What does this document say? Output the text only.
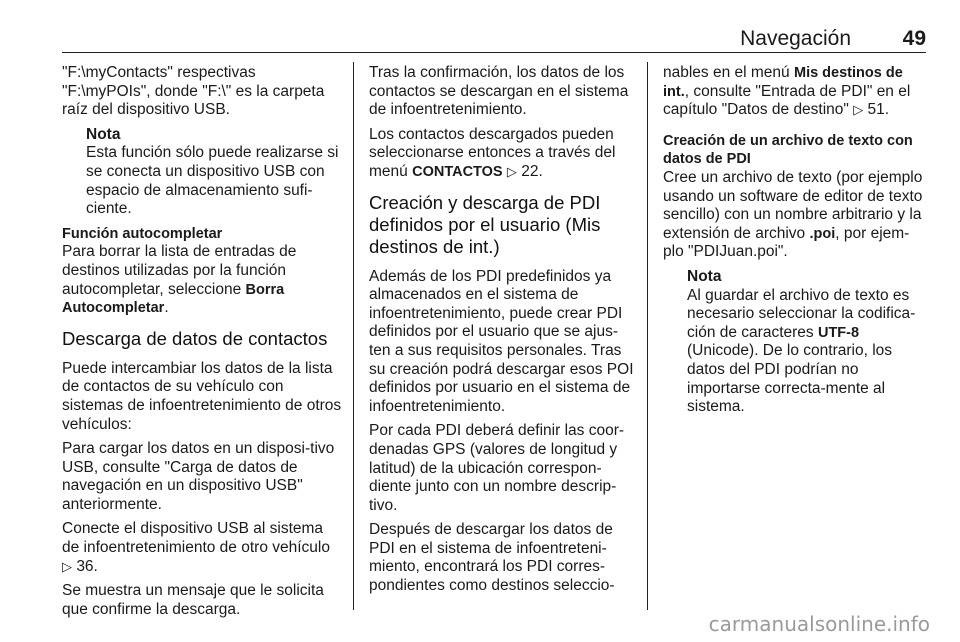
Navegación 49

"F:\myContacts" respectivas "F:\myPOIs", donde "F:\" es la carpeta raíz del dispositivo USB.

Nota
Esta función sólo puede realizarse si se conecta un dispositivo USB con espacio de almacenamiento sufi-ciente.
Función autocompletar

Para borrar la lista de entradas de destinos utilizadas por la función autocompletar, seleccione Borra Autocompletar.

Descarga de datos de contactos

Puede intercambiar los datos de la lista de contactos de su vehículo con sistemas de infoentretenimiento de otros vehículos:

Para cargar los datos en un disposi-tivo USB, consulte "Carga de datos de navegación en un dispositivo USB" anteriormente.

Conecte el dispositivo USB al sistema de infoentretenimiento de otro vehículo ▷ 36.

Se muestra un mensaje que le solicita que confirme la descarga.

Tras la confirmación, los datos de los contactos se descargan en el sistema de infoentretenimiento.

Los contactos descargados pueden seleccionarse entonces a través del menú CONTACTOS ▷ 22.

Creación y descarga de PDI definidos por el usuario (Mis destinos de int.)

Además de los PDI predefinidos ya almacenados en el sistema de infoentretenimiento, puede crear PDI definidos por el usuario que se ajus-ten a sus requisitos personales. Tras su creación podrá descargar esos POI definidos por usuario en el sistema de infoentretenimiento.

Por cada PDI deberá definir las coor-denadas GPS (valores de longitud y latitud) de la ubicación correspon-diente junto con un nombre descrip-tivo.

Después de descargar los datos de PDI en el sistema de infoentreteni-miento, encontrará los PDI corres-pondientes como destinos seleccio-

nables en el menú Mis destinos de int., consulte "Entrada de PDI" en el capítulo "Datos de destino" ▷ 51.

Creación de un archivo de texto con datos de PDI

Cree un archivo de texto (por ejemplo usando un software de editor de texto sencillo) con un nombre arbitrario y la extensión de archivo .poi, por ejem-plo "PDIJuan.poi".

Nota
Al guardar el archivo de texto es necesario seleccionar la codifica-ción de caracteres UTF-8 (Unicode). De lo contrario, los datos del PDI podrían no importarse correcta-mente al sistema.
carmanualsonline.info
